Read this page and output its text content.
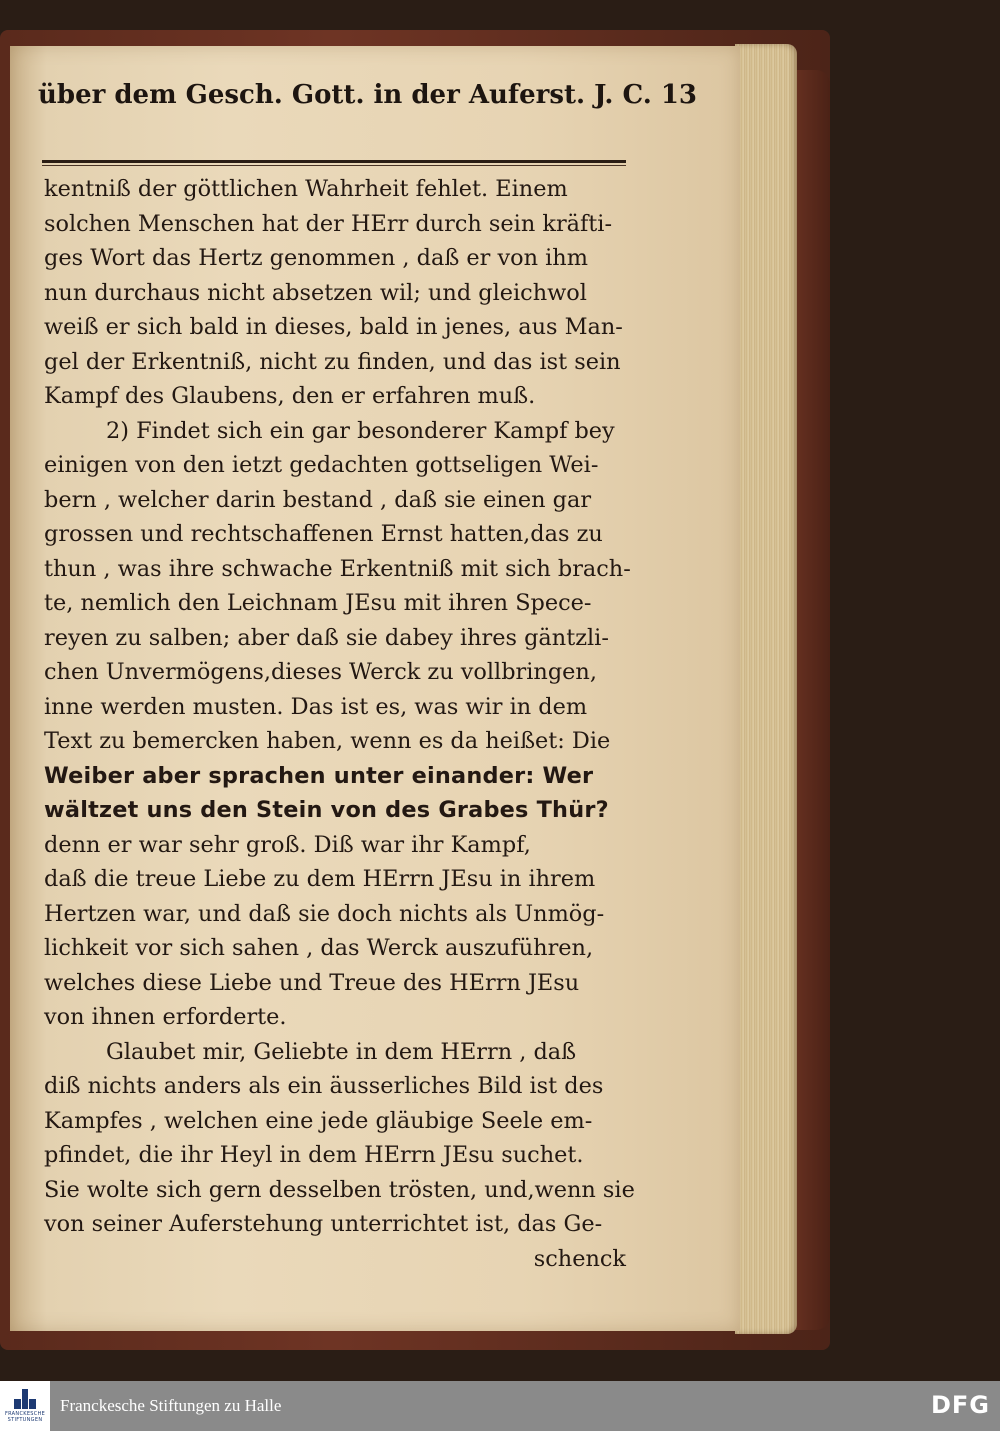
über dem Gesch. Gott. in der Auferst. J. C. 13
kentniß der göttlichen Wahrheit fehlet. Einem
solchen Menschen hat der HErr durch sein kräfti-
ges Wort das Hertz genommen , daß er von ihm
nun durchaus nicht absetzen wil; und gleichwol
weiß er sich bald in dieses, bald in jenes, aus Man-
gel der Erkentniß, nicht zu finden, und das ist sein
Kampf des Glaubens, den er erfahren muß.
2) Findet sich ein gar besonderer Kampf bey
einigen von den ietzt gedachten gottseligen Wei-
bern , welcher darin bestand , daß sie einen gar
grossen und rechtschaffenen Ernst hatten,das zu
thun , was ihre schwache Erkentniß mit sich brach-
te, nemlich den Leichnam JEsu mit ihren Spece-
reyen zu salben; aber daß sie dabey ihres gäntzli-
chen Unvermögens,dieses Werck zu vollbringen,
inne werden musten. Das ist es, was wir in dem
Text zu bemercken haben, wenn es da heißet: Die
Weiber aber sprachen unter einander: Wer
wältzet uns den Stein von des Grabes Thür?
denn er war sehr groß. Diß war ihr Kampf,
daß die treue Liebe zu dem HErrn JEsu in ihrem
Hertzen war, und daß sie doch nichts als Unmög-
lichkeit vor sich sahen , das Werck auszuführen,
welches diese Liebe und Treue des HErrn JEsu
von ihnen erforderte.
Glaubet mir, Geliebte in dem HErrn , daß
diß nichts anders als ein äusserliches Bild ist des
Kampfes , welchen eine jede gläubige Seele em-
pfindet, die ihr Heyl in dem HErrn JEsu suchet.
Sie wolte sich gern desselben trösten, und,wenn sie
von seiner Auferstehung unterrichtet ist, das Ge-
schenck
FRANCKESCHE STIFTUNGEN
Franckesche Stiftungen zu Halle	DFG
